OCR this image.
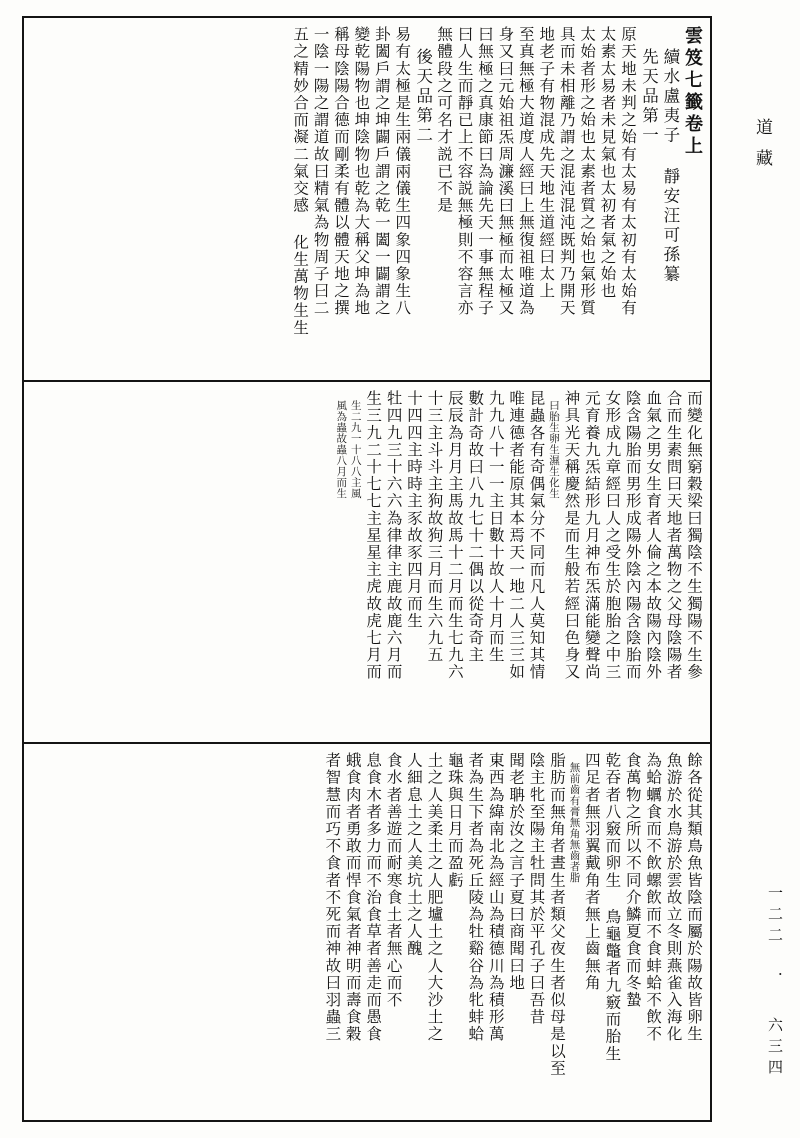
道藏
一二二 ． 六三四
雲笈七籤卷上
續水盧夷子 靜安汪可孫纂
先天品第一
原天地未判之始有太易有太初有太始有
太素太易者未見氣也太初者氣之始也
太始者形之始也太素者質之始也氣形質
具而未相離乃謂之混沌混沌既判乃開天
地老子有物混成先天地生道經曰太上
至真無極大道度人經曰上無復祖唯道為
身又曰元始祖炁周濂溪曰無極而太極又
曰無極之真康節曰為論先天一事無程子
曰人生而靜已上不容説無極則不容言亦
無體段之可名才説已不是
後天品第二
易有太極是生兩儀兩儀生四象四象生八
卦闔戶謂之坤闢戶謂之乾一闔一闢謂之
變乾陽物也坤陰物也乾為大稱父坤為地
稱母陰陽合德而剛柔有體以體天地之撰
一陰一陽之謂道故曰精氣為物周子曰二
五之精妙合而凝二氣交感 化生萬物生生
而變化無窮穀梁曰獨陰不生獨陽不生參
合而生素問曰天地者萬物之父母陰陽者
血氣之男女生育者人倫之本故陽內陰外
陰含陽胎而男形成陽外陰內陽含陰胎而
女形成九章經曰人之受生於胞胎之中三
元育養九炁結形九月神布炁滿能變聲尚
神具光天稱慶然是而生般若經曰色身又
曰胎生卵生濕生化生
昆蟲各有奇偶氣分不同而凡人莫知其情
唯連德者能原其本焉天一地二人三三如
九九八十一一主日數十故人十月而生
數計奇故曰八九七十二偶以從奇奇主
辰辰為月月主馬故馬十二月而生七九六
十三主斗斗主狗故狗三月而生六九五
十四四主時時主豕故豕四月而生
牡四九三十六六為律律主鹿故鹿六月而
生三九二十七七主星星主虎故虎七月而
生二九一十八八主風
風為蟲故蟲八月而生
餘各從其類鳥魚皆陰而屬於陽故皆卵生
魚游於水鳥游於雲故立冬則燕雀入海化
為蛤蠣食而不飲螺飲而不食蚌蛤不飲不
食萬物之所以不同介鱗夏食而冬蟄
乾吞者八竅而卵生 鳥龜鼈者九竅而胎生
四足者無羽翼戴角者無上齒無角
無前齒有膏無角無齒者脂
脂肪而無角者晝生者類父夜生者似母是以至
陰主牝至陽主牡問其於平孔子曰吾昔
聞老聃於汝之言子夏曰商聞曰地
東西為緯南北為經山為積德川為積形萬
者為生下者為死丘陵為牡谿谷為牝蚌蛤
龜珠與日月而盈虧
土之人美柔土之人肥壚土之人大沙土之
人細息土之人美坑土之人醜
食水者善遊而耐寒食土者無心而不
息食木者多力而不治食草者善走而愚食
蛾食肉者勇敢而悍食氣者神明而壽食穀
者智慧而巧不食者不死而神故曰羽蟲三
